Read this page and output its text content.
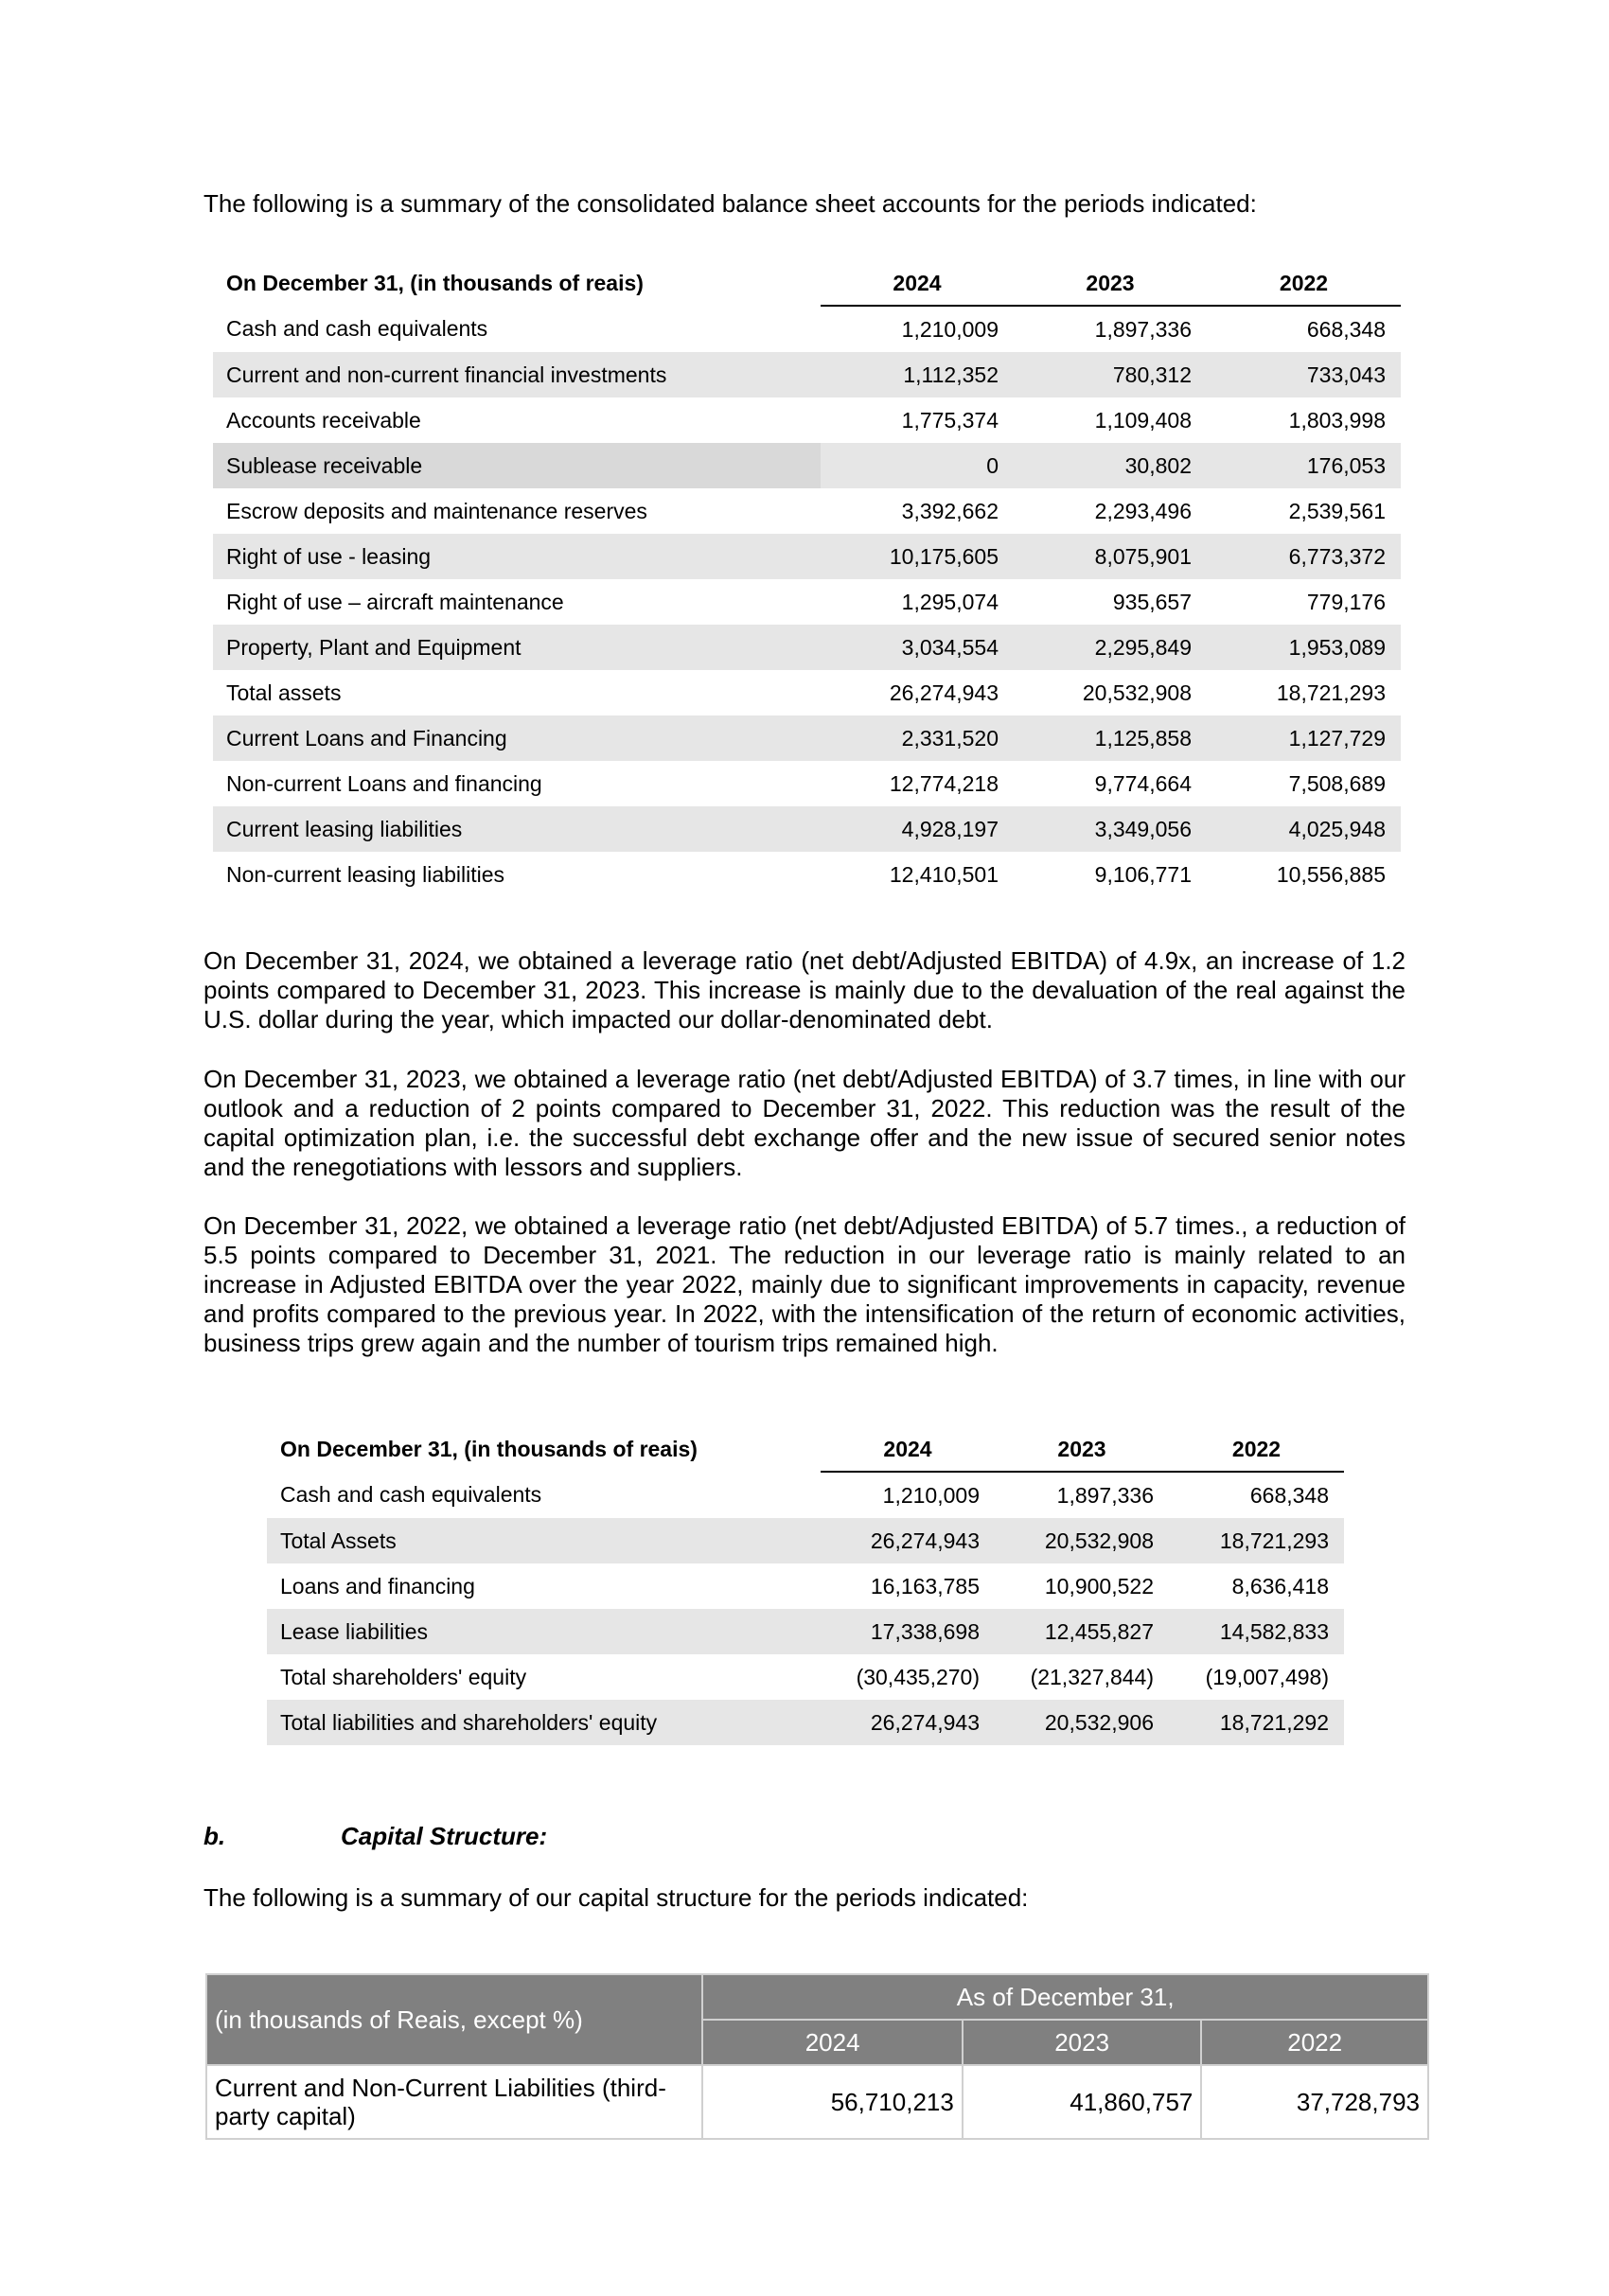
The following is a summary of the consolidated balance sheet accounts for the periods indicated:
On December 31, (in thousands of reais)	2024	2023	2022
Cash and cash equivalents	1,210,009	1,897,336	668,348
Current and non-current financial investments	1,112,352	780,312	733,043
Accounts receivable	1,775,374	1,109,408	1,803,998
Sublease receivable	0	30,802	176,053
Escrow deposits and maintenance reserves	3,392,662	2,293,496	2,539,561
Right of use - leasing	10,175,605	8,075,901	6,773,372
Right of use – aircraft maintenance	1,295,074	935,657	779,176
Property, Plant and Equipment	3,034,554	2,295,849	1,953,089
Total assets	26,274,943	20,532,908	18,721,293
Current Loans and Financing	2,331,520	1,125,858	1,127,729
Non-current Loans and financing	12,774,218	9,774,664	7,508,689
Current leasing liabilities	4,928,197	3,349,056	4,025,948
Non-current leasing liabilities	12,410,501	9,106,771	10,556,885

On December 31, 2024, we obtained a leverage ratio (net debt/Adjusted EBITDA) of 4.9x, an increase of 1.2 points compared to December 31, 2023. This increase is mainly due to the devaluation of the real against the U.S. dollar during the year, which impacted our dollar-denominated debt.

On December 31, 2023, we obtained a leverage ratio (net debt/Adjusted EBITDA) of 3.7 times, in line with our outlook and a reduction of 2 points compared to December 31, 2022. This reduction was the result of the capital optimization plan, i.e. the successful debt exchange offer and the new issue of secured senior notes and the renegotiations with lessors and suppliers.

On December 31, 2022, we obtained a leverage ratio (net debt/Adjusted EBITDA) of 5.7 times., a reduction of 5.5 points compared to December 31, 2021. The reduction in our leverage ratio is mainly related to an increase in Adjusted EBITDA over the year 2022, mainly due to significant improvements in capacity, revenue and profits compared to the previous year. In 2022, with the intensification of the return of economic activities, business trips grew again and the number of tourism trips remained high.

On December 31, (in thousands of reais)	2024	2023	2022
Cash and cash equivalents	1,210,009	1,897,336	668,348
Total Assets	26,274,943	20,532,908	18,721,293
Loans and financing	16,163,785	10,900,522	8,636,418
Lease liabilities	17,338,698	12,455,827	14,582,833
Total shareholders' equity	(30,435,270)	(21,327,844)	(19,007,498)
Total liabilities and shareholders' equity	26,274,943	20,532,906	18,721,292
b.	Capital Structure:
The following is a summary of our capital structure for the periods indicated:
(in thousands of Reais, except %)	As of December 31,		
	2024	2023	2022
Current and Non-Current Liabilities (third-party capital)	56,710,213	41,860,757	37,728,793
